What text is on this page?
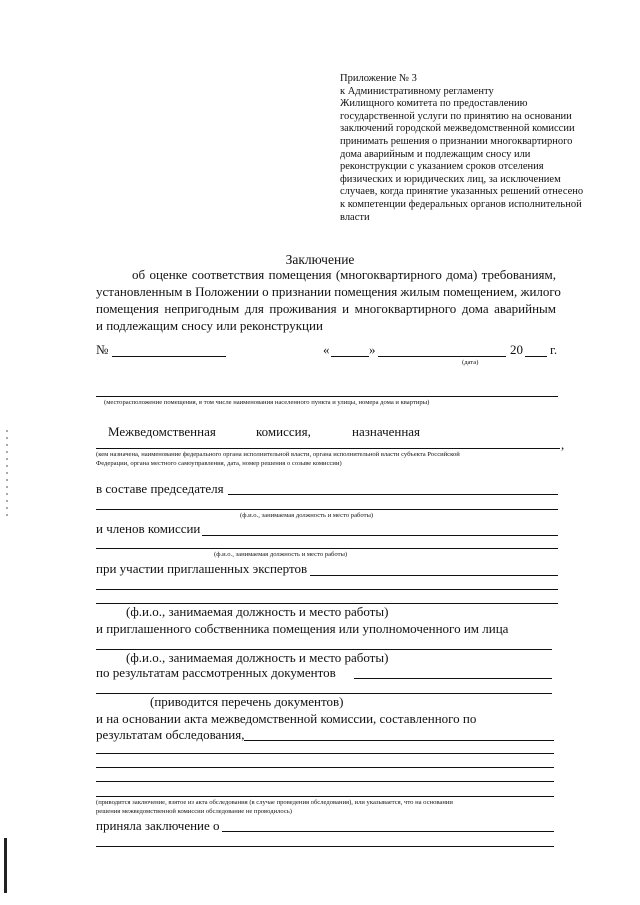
Приложение № 3
к Административному регламенту
Жилищного комитета по предоставлению
государственной услуги по принятию на основании
заключений городской межведомственной комиссии
принимать решения о признании многоквартирного
дома аварийным и подлежащим сносу или
реконструкции с указанием сроков отселения
физических и юридических лиц, за исключением
случаев, когда принятие указанных решений отнесено
к компетенции федеральных органов исполнительной
власти
Заключение
об оценке соответствия помещения (многоквартирного дома) требованиям,
установленным в Положении о признании помещения жилым помещением, жилого
помещения непригодным для проживания и многоквартирного дома аварийным
и подлежащим сносу или реконструкции
№	«	»	20 г.
(дата)
(месторасположение помещения, в том числе наименования населенного пункта и улицы, номера дома и квартиры)
Межведомственная	комиссия,	назначенная
,
(кем назначена, наименование федерального органа исполнительной власти, органа исполнительной власти субъекта Российской
Федерации, органа местного самоуправления, дата, номер решения о созыве комиссии)
в составе председателя
(ф.и.о., занимаемая должность и место работы)
и членов комиссии
(ф.и.о., занимаемая должность и место работы)
при участии приглашенных экспертов
(ф.и.о., занимаемая должность и место работы)
и приглашенного собственника помещения или уполномоченного им лица
(ф.и.о., занимаемая должность и место работы)
по результатам рассмотренных документов
(приводится перечень документов)
и на основании акта межведомственной комиссии, составленного по
результатам обследования,
(приводится заключение, взятое из акта обследования (в случае проведения обследования), или указывается, что на основании
решения межведомственной комиссии обследование не проводилось)
приняла заключение о
